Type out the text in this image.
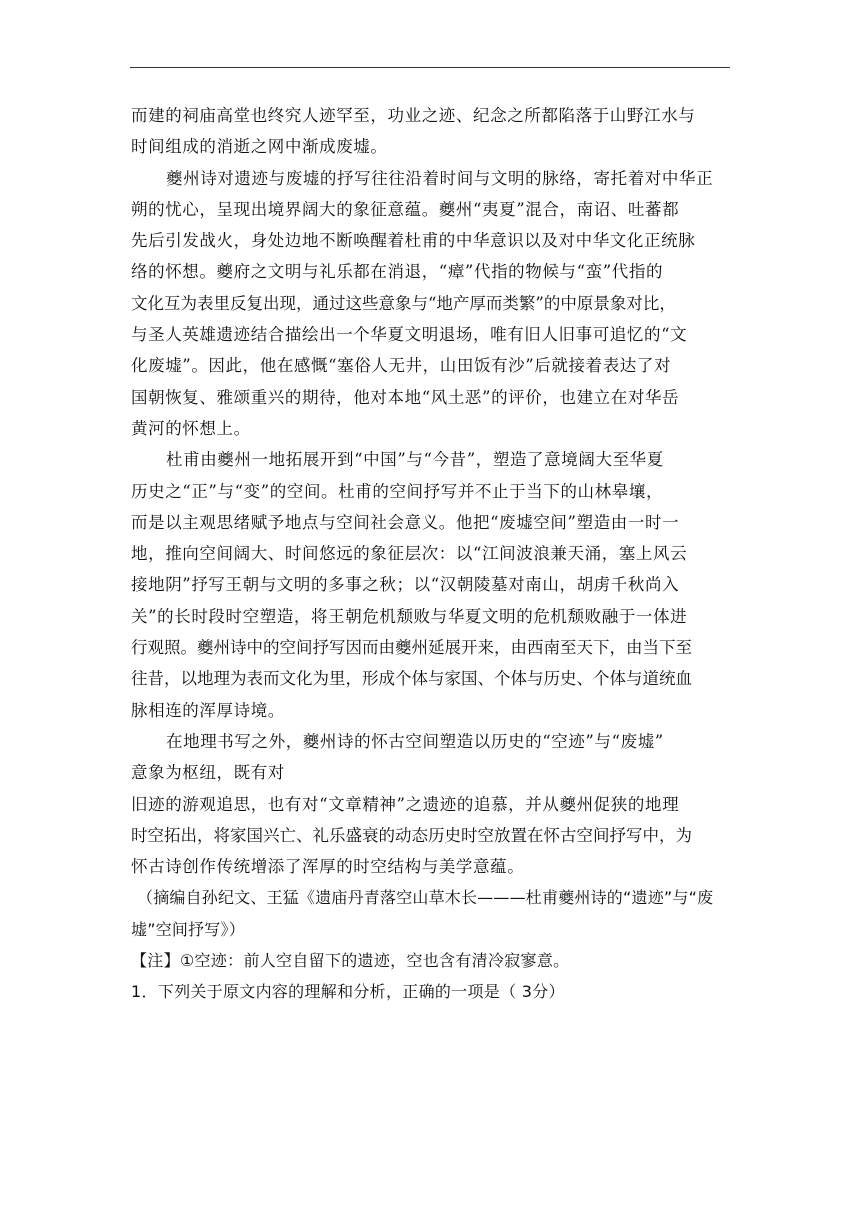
而建的祠庙高堂也终究人迹罕至，功业之迹、纪念之所都陷落于山野江水与
时间组成的消逝之网中渐成废墟。
夔州诗对遗迹与废墟的抒写往往沿着时间与文明的脉络，寄托着对中华正
朔的忧心，呈现出境界阔大的象征意蕴。夔州“夷夏”混合，南诏、吐蕃都
先后引发战火，身处边地不断唤醒着杜甫的中华意识以及对中华文化正统脉
络的怀想。夔府之文明与礼乐都在消退，“瘴”代指的物候与“蛮”代指的
文化互为表里反复出现，通过这些意象与“地产厚而类繁”的中原景象对比，
与圣人英雄遗迹结合描绘出一个华夏文明退场，唯有旧人旧事可追忆的“文
化废墟”。因此，他在感慨“塞俗人无井，山田饭有沙”后就接着表达了对
国朝恢复、雅颂重兴的期待，他对本地“风土恶”的评价，也建立在对华岳
黄河的怀想上。
杜甫由夔州一地拓展开到“中国”与“今昔”，塑造了意境阔大至华夏
历史之“正”与“变”的空间。杜甫的空间抒写并不止于当下的山林皋壤，
而是以主观思绪赋予地点与空间社会意义。他把“废墟空间”塑造由一时一
地，推向空间阔大、时间悠远的象征层次：以“江间波浪兼天涌，塞上风云
接地阴”抒写王朝与文明的多事之秋；以“汉朝陵墓对南山，胡虏千秋尚入
关”的长时段时空塑造，将王朝危机颓败与华夏文明的危机颓败融于一体进
行观照。夔州诗中的空间抒写因而由夔州延展开来，由西南至天下，由当下至
往昔，以地理为表而文化为里，形成个体与家国、个体与历史、个体与道统血
脉相连的浑厚诗境。
在地理书写之外，夔州诗的怀古空间塑造以历史的“空迹”与“废墟”
意象为枢纽，既有对
旧迹的游观追思，也有对“文章精神”之遗迹的追慕，并从夔州促狭的地理
时空拓出，将家国兴亡、礼乐盛衰的动态历史时空放置在怀古空间抒写中，为
怀古诗创作传统增添了浑厚的时空结构与美学意蕴。
（摘编自孙纪文、王猛《遗庙丹青落空山草木长———杜甫夔州诗的“遗迹”与“废
墟”空间抒写》）
【注】①空迹：前人空自留下的遗迹，空也含有清冷寂寥意。
1．下列关于原文内容的理解和分析，正确的一项是（ 3分）
